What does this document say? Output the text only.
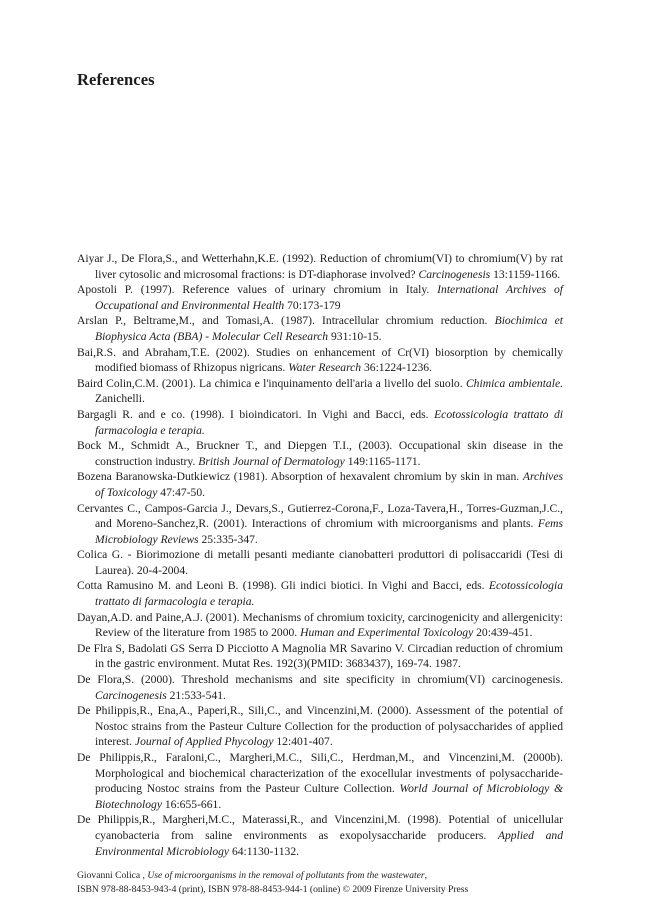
References
Aiyar J., De Flora,S., and Wetterhahn,K.E. (1992). Reduction of chromium(VI) to chromium(V) by rat liver cytosolic and microsomal fractions: is DT-diaphorase involved? Carcinogenesis 13:1159-1166.
Apostoli P. (1997). Reference values of urinary chromium in Italy. International Archives of Occupational and Environmental Health 70:173-179
Arslan P., Beltrame,M., and Tomasi,A. (1987). Intracellular chromium reduction. Biochimica et Biophysica Acta (BBA) - Molecular Cell Research 931:10-15.
Bai,R.S. and Abraham,T.E. (2002). Studies on enhancement of Cr(VI) biosorption by chemically modified biomass of Rhizopus nigricans. Water Research 36:1224-1236.
Baird Colin,C.M. (2001). La chimica e l'inquinamento dell'aria a livello del suolo. Chimica ambientale. Zanichelli.
Bargagli R. and e co. (1998). I bioindicatori. In Vighi and Bacci, eds. Ecotossicologia trattato di farmacologia e terapia.
Bock M., Schmidt A., Bruckner T., and Diepgen T.I., (2003). Occupational skin disease in the construction industry. British Journal of Dermatology 149:1165-1171.
Bozena Baranowska-Dutkiewicz (1981). Absorption of hexavalent chromium by skin in man. Archives of Toxicology 47:47-50.
Cervantes C., Campos-Garcia J., Devars,S., Gutierrez-Corona,F., Loza-Tavera,H., Torres-Guzman,J.C., and Moreno-Sanchez,R. (2001). Interactions of chromium with microorganisms and plants. Fems Microbiology Reviews 25:335-347.
Colica G. - Biorimozione di metalli pesanti mediante cianobatteri produttori di polisaccaridi (Tesi di Laurea). 20-4-2004.
Cotta Ramusino M. and Leoni B. (1998). Gli indici biotici. In Vighi and Bacci, eds. Ecotossicologia trattato di farmacologia e terapia.
Dayan,A.D. and Paine,A.J. (2001). Mechanisms of chromium toxicity, carcinogenicity and allergenicity: Review of the literature from 1985 to 2000. Human and Experimental Toxicology 20:439-451.
De Flra S, Badolati GS Serra D Picciotto A Magnolia MR Savarino V. Circadian reduction of chromium in the gastric environment. Mutat Res. 192(3)(PMID: 3683437), 169-74. 1987.
De Flora,S. (2000). Threshold mechanisms and site specificity in chromium(VI) carcinogenesis. Carcinogenesis 21:533-541.
De Philippis,R., Ena,A., Paperi,R., Sili,C., and Vincenzini,M. (2000). Assessment of the potential of Nostoc strains from the Pasteur Culture Collection for the production of polysaccharides of applied interest. Journal of Applied Phycology 12:401-407.
De Philippis,R., Faraloni,C., Margheri,M.C., Sili,C., Herdman,M., and Vincenzini,M. (2000b). Morphological and biochemical characterization of the exocellular investments of polysaccharide-producing Nostoc strains from the Pasteur Culture Collection. World Journal of Microbiology & Biotechnology 16:655-661.
De Philippis,R., Margheri,M.C., Materassi,R., and Vincenzini,M. (1998). Potential of unicellular cyanobacteria from saline environments as exopolysaccharide producers. Applied and Environmental Microbiology 64:1130-1132.
Giovanni Colica , Use of microorganisms in the removal of pollutants from the wastewater,
ISBN 978-88-8453-943-4 (print), ISBN 978-88-8453-944-1 (online) © 2009 Firenze University Press
